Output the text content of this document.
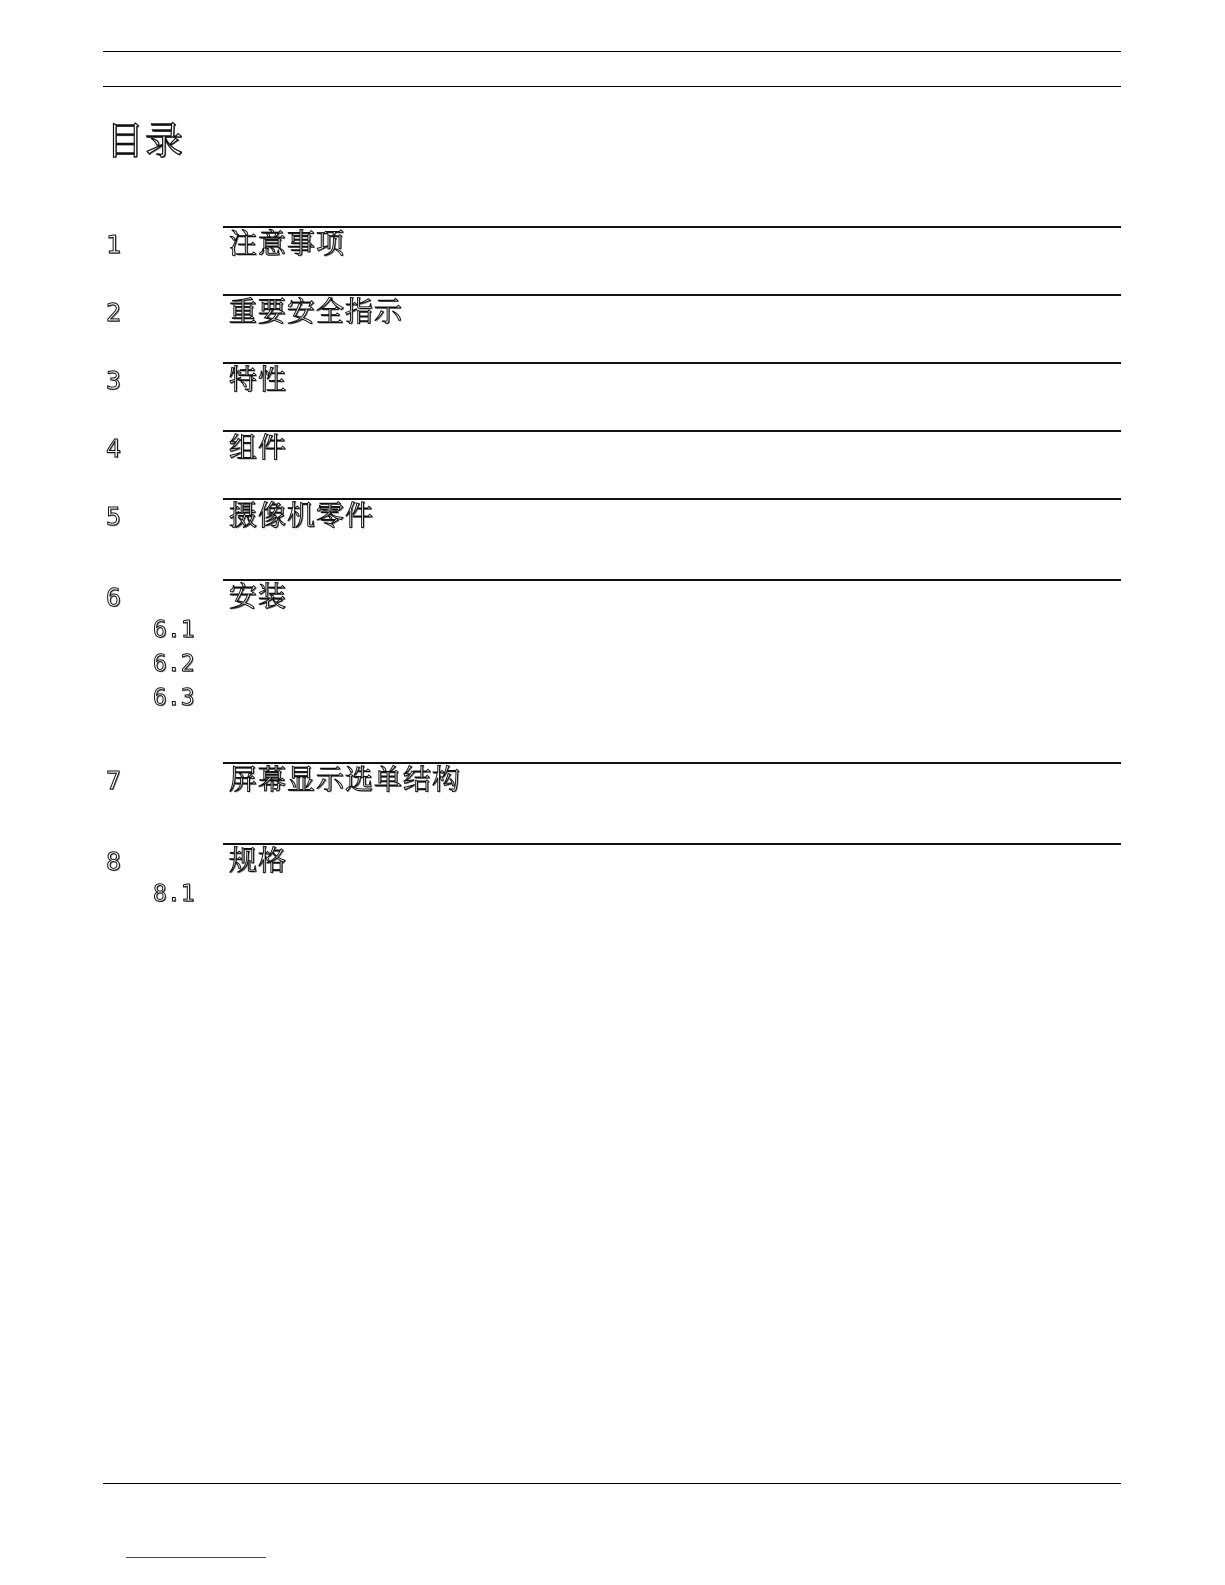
目录
1	注意事项
2	重要安全指示
3	特性
4	组件
5	摄像机零件
6	安装
6.1
6.2
6.3
7	屏幕显示选单结构
8	规格
8.1
